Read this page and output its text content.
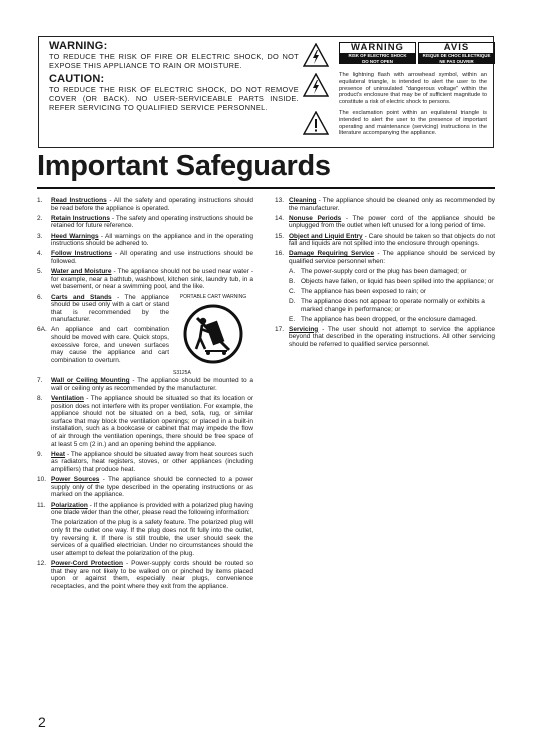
WARNING:
TO REDUCE THE RISK OF FIRE OR ELECTRIC SHOCK, DO NOT EXPOSE THIS APPLIANCE TO RAIN OR MOISTURE.
CAUTION:
TO REDUCE THE RISK OF ELECTRIC SHOCK, DO NOT REMOVE COVER (OR BACK). NO USER-SERVICEABLE PARTS INSIDE. REFER SERVICING TO QUALIFIED SERVICE PERSONNEL.
WARNING
RISK OF ELECTRIC SHOCK
DO NOT OPEN
AVIS
RISQUE DE CHOC ELECTRIQUE
NE PAS OUVRIR
The lightning flash with arrowhead symbol, within an equilateral triangle, is intended to alert the user to the presence of uninsulated "dangerous voltage" within the product's enclosure that may be of sufficient magnitude to constitute a risk of electric shock to persons.
The exclamation point within an equilateral triangle is intended to alert the user to the presence of important operating and maintenance (servicing) instructions in the literature accompanying the appliance.
Important Safeguards
1. Read Instructions - All the safety and operating instructions should be read before the appliance is operated.
2. Retain Instructions - The safety and operating instructions should be retained for future reference.
3. Heed Warnings - All warnings on the appliance and in the operating instructions should be adhered to.
4. Follow Instructions - All operating and use instructions should be followed.
5. Water and Moisture - The appliance should not be used near water - for example, near a bathtub, washbowl, kitchen sink, laundry tub, in a wet basement, or near a swimming pool, and the like.
PORTABLE CART WARNING
S3125A
6. Carts and Stands - The appliance should be used only with a cart or stand that is recommended by the manufacturer.
6A. An appliance and cart combination should be moved with care. Quick stops, excessive force, and uneven surfaces may cause the appliance and cart combination to overturn.
7. Wall or Ceiling Mounting - The appliance should be mounted to a wall or ceiling only as recommended by the manufacturer.
8. Ventilation - The appliance should be situated so that its location or position does not interfere with its proper ventilation. For example, the appliance should not be situated on a bed, sofa, rug, or similar surface that may block the ventilation openings; or placed in a built-in installation, such as a bookcase or cabinet that may impede the flow of air through the ventilation openings, there should be free space of at least 5 cm (2 in.) and an opening behind the appliance.
9. Heat - The appliance should be situated away from heat sources such as radiators, heat registers, stoves, or other appliances (including amplifiers) that produce heat.
10. Power Sources - The appliance should be connected to a power supply only of the type described in the operating instructions or as marked on the appliance.
11. Polarization - If the appliance is provided with a polarized plug having one blade wider than the other, please read the following information:
The polarization of the plug is a safety feature. The polarized plug will only fit the outlet one way. If the plug does not fit fully into the outlet, try reversing it. If there is still trouble, the user should seek the services of a qualified electrician. Under no circumstances should the user attempt to defeat the polarization of the plug.
12. Power-Cord Protection - Power-supply cords should be routed so that they are not likely to be walked on or pinched by items placed upon or against them, especially near plugs, convenience receptacles, and the point where they exit from the appliance.
13. Cleaning - The appliance should be cleaned only as recommended by the manufacturer.
14. Nonuse Periods - The power cord of the appliance should be unplugged from the outlet when left unused for a long period of time.
15. Object and Liquid Entry - Care should be taken so that objects do not fall and liquids are not spilled into the enclosure through openings.
16. Damage Requiring Service - The appliance should be serviced by qualified service personnel when:
A. The power-supply cord or the plug has been damaged; or
B. Objects have fallen, or liquid has been spilled into the appliance; or
C. The appliance has been exposed to rain; or
D. The appliance does not appear to operate normally or exhibits a marked change in performance; or
E. The appliance has been dropped, or the enclosure damaged.
17. Servicing - The user should not attempt to service the appliance beyond that described in the operating instructions. All other servicing should be referred to qualified service personnel.
2
